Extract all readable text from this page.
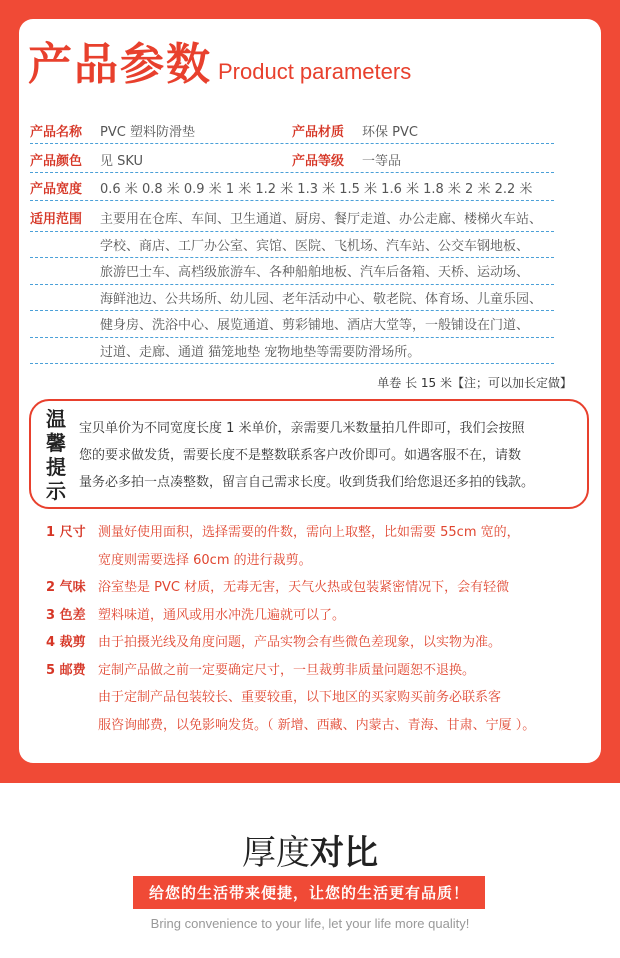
产品参数 Product parameters
产品名称	PVC 塑料防滑垫	产品材质	环保 PVC
产品颜色	见 SKU	产品等级	一等品
产品宽度	0.6 米 0.8 米 0.9 米 1 米 1.2 米 1.3 米 1.5 米 1.6 米 1.8 米 2 米 2.2 米
适用范围	主要用在仓库、车间、卫生通道、厨房、餐厅走道、办公走廊、楼梯火车站、
学校、商店、工厂办公室、宾馆、医院、飞机场、汽车站、公交车钢地板、
旅游巴士车、高档级旅游车、各种船舶地板、汽车后备箱、天桥、运动场、
海鲜池边、公共场所、幼儿园、老年活动中心、敬老院、体育场、儿童乐园、
健身房、洗浴中心、展览通道、剪彩铺地、酒店大堂等，一般铺设在门道、
过道、走廊、通道 猫笼地垫 宠物地垫等需要防滑场所。
单卷 长 15 米【注；可以加长定做】
温馨提示
宝贝单价为不同宽度长度 1 米单价，亲需要几米数量拍几件即可，我们会按照
您的要求做发货，需要长度不是整数联系客户改价即可。如遇客服不在，请数
量务必多拍一点凑整数，留言自己需求长度。收到货我们给您退还多拍的钱款。
1 尺寸 测量好使用面积，选择需要的件数，需向上取整，比如需要 55cm 宽的，
宽度则需要选择 60cm 的进行裁剪。
2 气味 浴室垫是 PVC 材质，无毒无害，天气火热或包装紧密情况下，会有轻微
3 色差 塑料味道，通风或用水冲洗几遍就可以了。
4 裁剪 由于拍摄光线及角度问题，产品实物会有些微色差现象，以实物为准。
5 邮费 定制产品做之前一定要确定尺寸，一旦裁剪非质量问题恕不退换。
由于定制产品包装较长、重要较重，以下地区的买家购买前务必联系客
服咨询邮费，以免影响发货。（ 新增、西藏、内蒙古、青海、甘肃、宁厦 ）。
厚度对比
给您的生活带来便捷，让您的生活更有品质！
Bring convenience to your life, let your life more quality!
